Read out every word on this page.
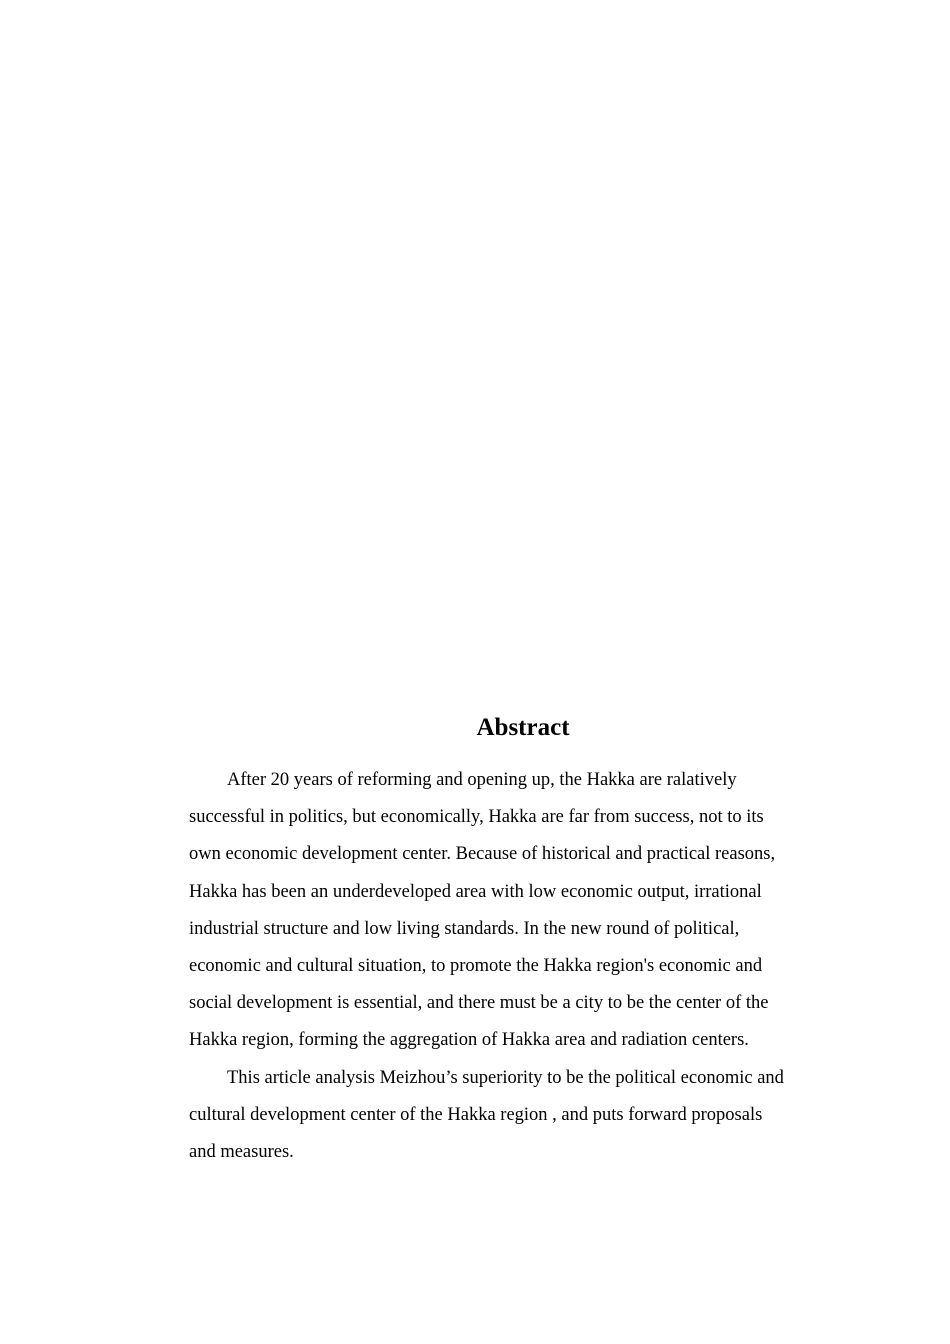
Abstract
After 20 years of reforming and opening up, the Hakka are ralatively
successful in politics, but economically, Hakka are far from success, not to its
own economic development center. Because of historical and practical reasons,
Hakka has been an underdeveloped area with low economic output, irrational
industrial structure and low living standards. In the new round of political,
economic and cultural situation, to promote the Hakka region's economic and
social development is essential, and there must be a city to be the center of the
Hakka region, forming the aggregation of Hakka area and radiation centers.
This article analysis Meizhou’s superiority to be the political economic and
cultural development center of the Hakka region , and puts forward proposals
and measures.
